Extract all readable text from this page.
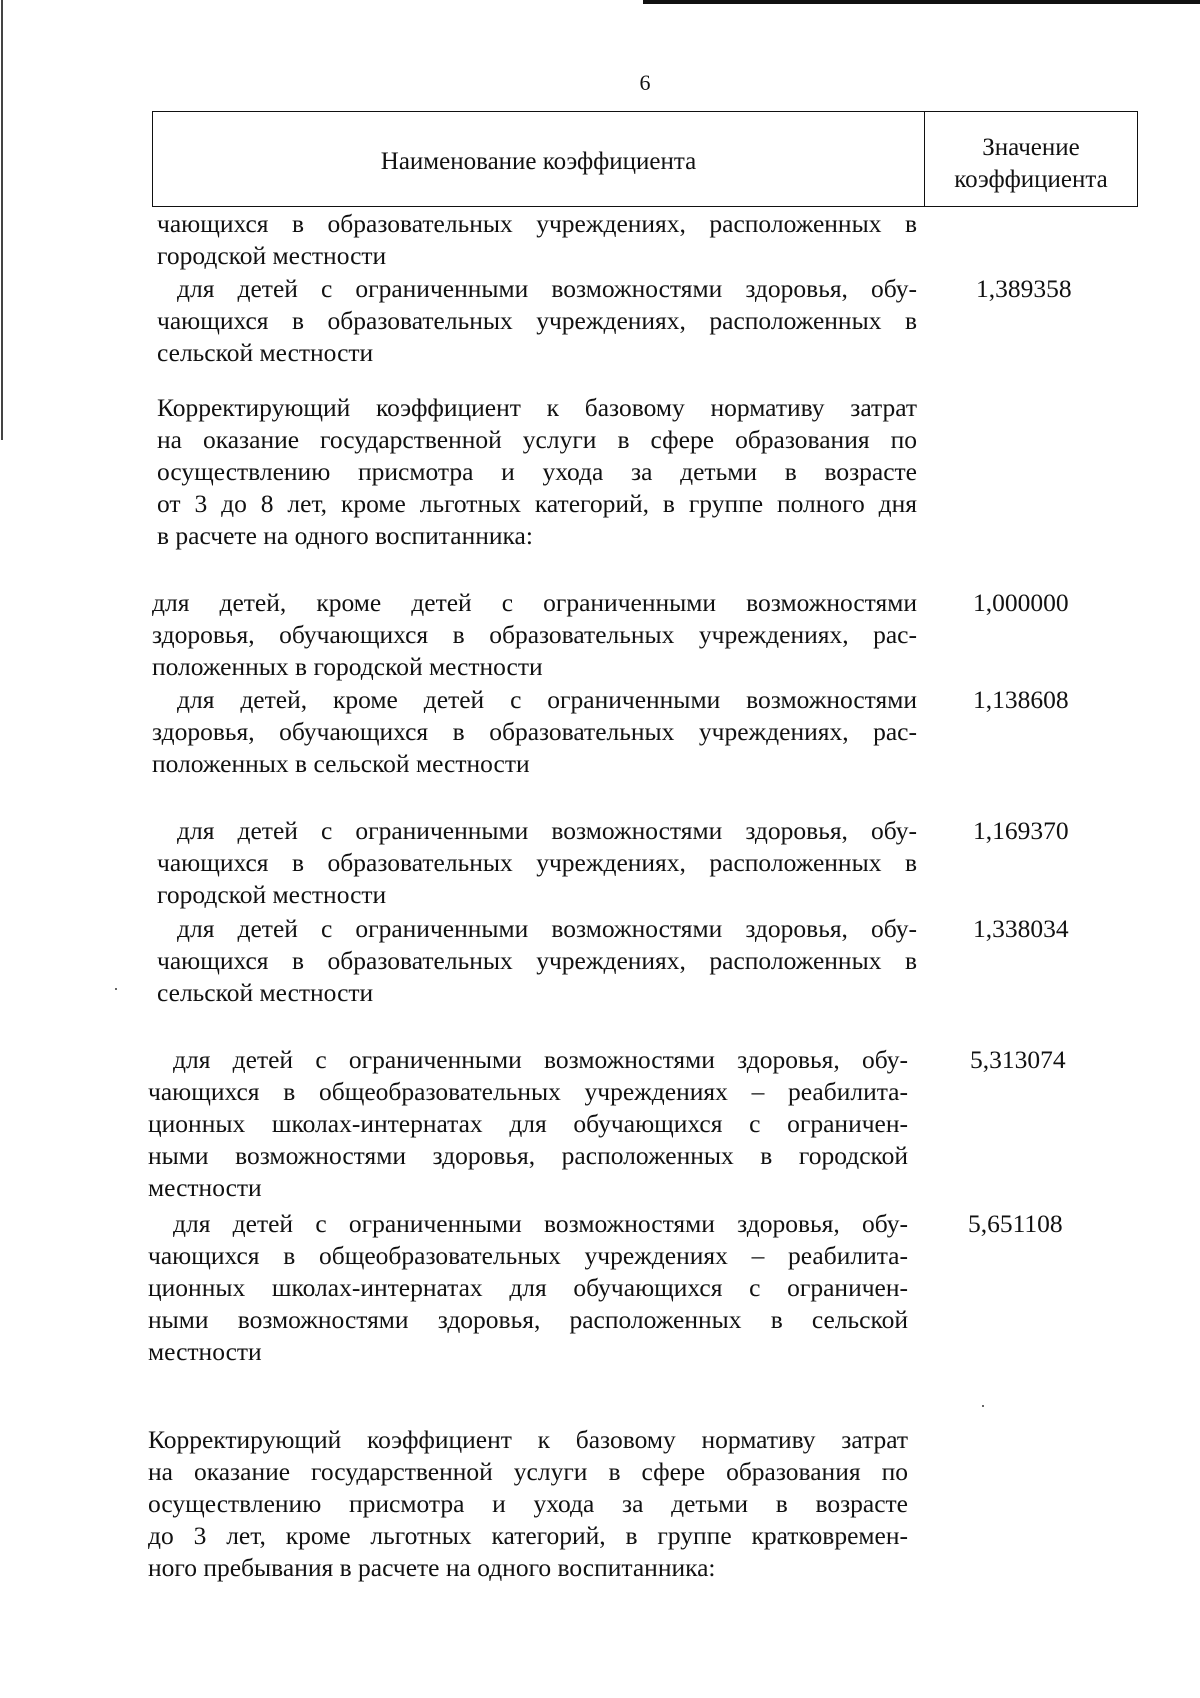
6
Наименование коэффициента
Значение
коэффициента
чающихся в образовательных учреждениях, расположенных в
городской местности
для детей с ограниченными возможностями здоровья, обу-
чающихся в образовательных учреждениях, расположенных в
сельской местности
1,389358
Корректирующий коэффициент к базовому нормативу затрат
на оказание государственной услуги в сфере образования по
осуществлению присмотра и ухода за детьми в возрасте
от 3 до 8 лет, кроме льготных категорий, в группе полного дня
в расчете на одного воспитанника:
для детей, кроме детей с ограниченными возможностями
здоровья, обучающихся в образовательных учреждениях, рас-
положенных в городской местности
1,000000
для детей, кроме детей с ограниченными возможностями
здоровья, обучающихся в образовательных учреждениях, рас-
положенных в сельской местности
1,138608
для детей с ограниченными возможностями здоровья, обу-
чающихся в образовательных учреждениях, расположенных в
городской местности
1,169370
для детей с ограниченными возможностями здоровья, обу-
чающихся в образовательных учреждениях, расположенных в
сельской местности
1,338034
для детей с ограниченными возможностями здоровья, обу-
чающихся в общеобразовательных учреждениях – реабилита-
ционных школах-интернатах для обучающихся с ограничен-
ными возможностями здоровья, расположенных в городской
местности
5,313074
для детей с ограниченными возможностями здоровья, обу-
чающихся в общеобразовательных учреждениях – реабилита-
ционных школах-интернатах для обучающихся с ограничен-
ными возможностями здоровья, расположенных в сельской
местности
5,651108
Корректирующий коэффициент к базовому нормативу затрат
на оказание государственной услуги в сфере образования по
осуществлению присмотра и ухода за детьми в возрасте
до 3 лет, кроме льготных категорий, в группе кратковремен-
ного пребывания в расчете на одного воспитанника:
